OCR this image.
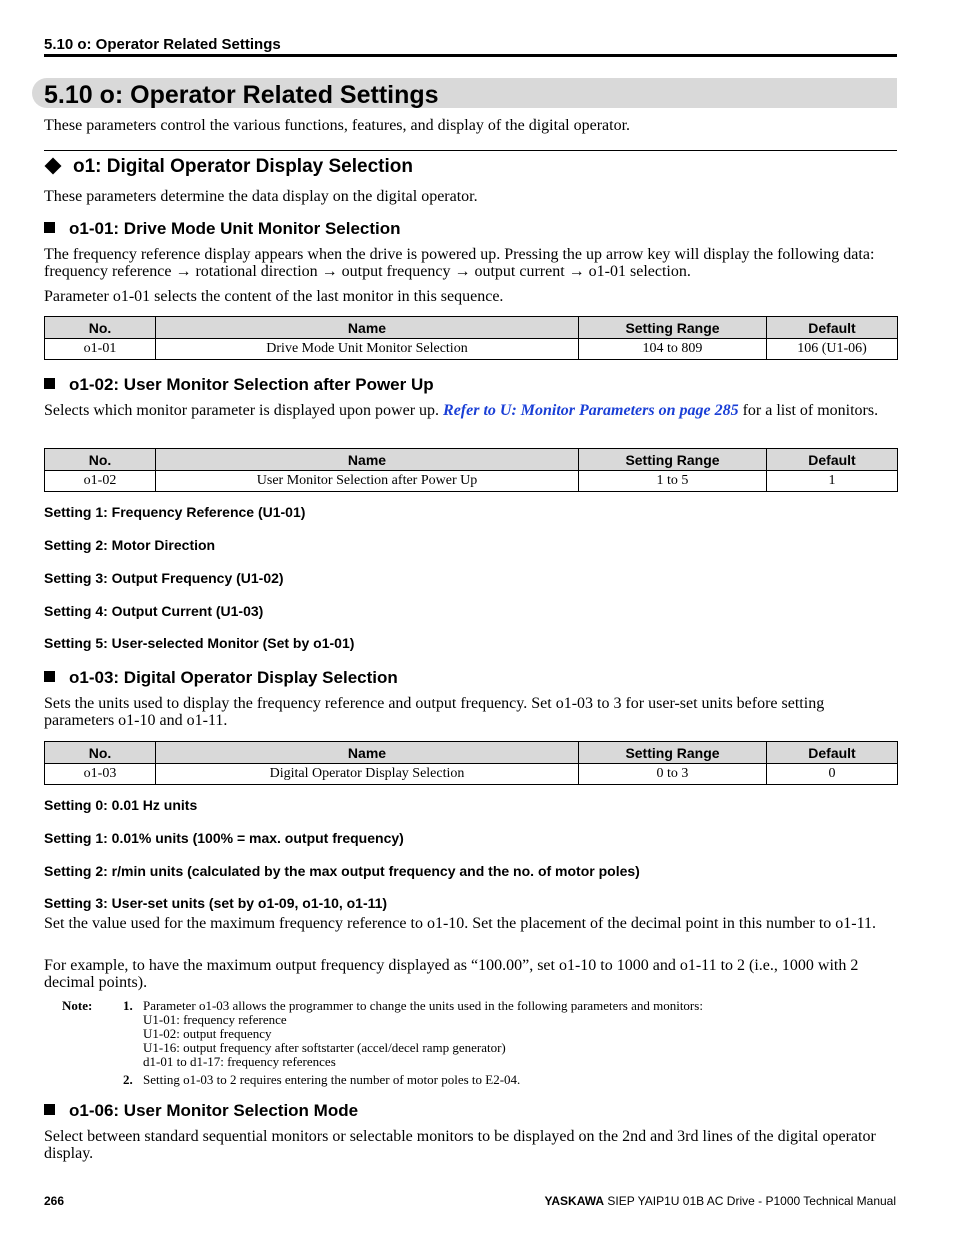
5.10 o: Operator Related Settings
5.10 o: Operator Related Settings
These parameters control the various functions, features, and display of the digital operator.
o1: Digital Operator Display Selection
These parameters determine the data display on the digital operator.
o1-01: Drive Mode Unit Monitor Selection
The frequency reference display appears when the drive is powered up. Pressing the up arrow key will display the following data: frequency reference → rotational direction → output frequency → output current → o1-01 selection.
Parameter o1-01 selects the content of the last monitor in this sequence.
No.	Name	Setting Range	Default
o1-01	Drive Mode Unit Monitor Selection	104 to 809	106 (U1-06)
o1-02: User Monitor Selection after Power Up
Selects which monitor parameter is displayed upon power up. Refer to U: Monitor Parameters on page 285 for a list of monitors.
No.	Name	Setting Range	Default
o1-02	User Monitor Selection after Power Up	1 to 5	1
Setting 1: Frequency Reference (U1-01)
Setting 2: Motor Direction
Setting 3: Output Frequency (U1-02)
Setting 4: Output Current (U1-03)
Setting 5: User-selected Monitor (Set by o1-01)
o1-03: Digital Operator Display Selection
Sets the units used to display the frequency reference and output frequency. Set o1-03 to 3 for user-set units before setting parameters o1-10 and o1-11.
No.	Name	Setting Range	Default
o1-03	Digital Operator Display Selection	0 to 3	0
Setting 0: 0.01 Hz units
Setting 1: 0.01% units (100% = max. output frequency)
Setting 2: r/min units (calculated by the max output frequency and the no. of motor poles)
Setting 3: User-set units (set by o1-09, o1-10, o1-11)
Set the value used for the maximum frequency reference to o1-10. Set the placement of the decimal point in this number to o1-11.
For example, to have the maximum output frequency displayed as “100.00”, set o1-10 to 1000 and o1-11 to 2 (i.e., 1000 with 2 decimal points).
Note: 1. Parameter o1-03 allows the programmer to change the units used in the following parameters and monitors:
U1-01: frequency reference
U1-02: output frequency
U1-16: output frequency after softstarter (accel/decel ramp generator)
d1-01 to d1-17: frequency references
2. Setting o1-03 to 2 requires entering the number of motor poles to E2-04.
o1-06: User Monitor Selection Mode
Select between standard sequential monitors or selectable monitors to be displayed on the 2nd and 3rd lines of the digital operator display.
266	YASKAWA SIEP YAIP1U 01B AC Drive - P1000 Technical Manual
